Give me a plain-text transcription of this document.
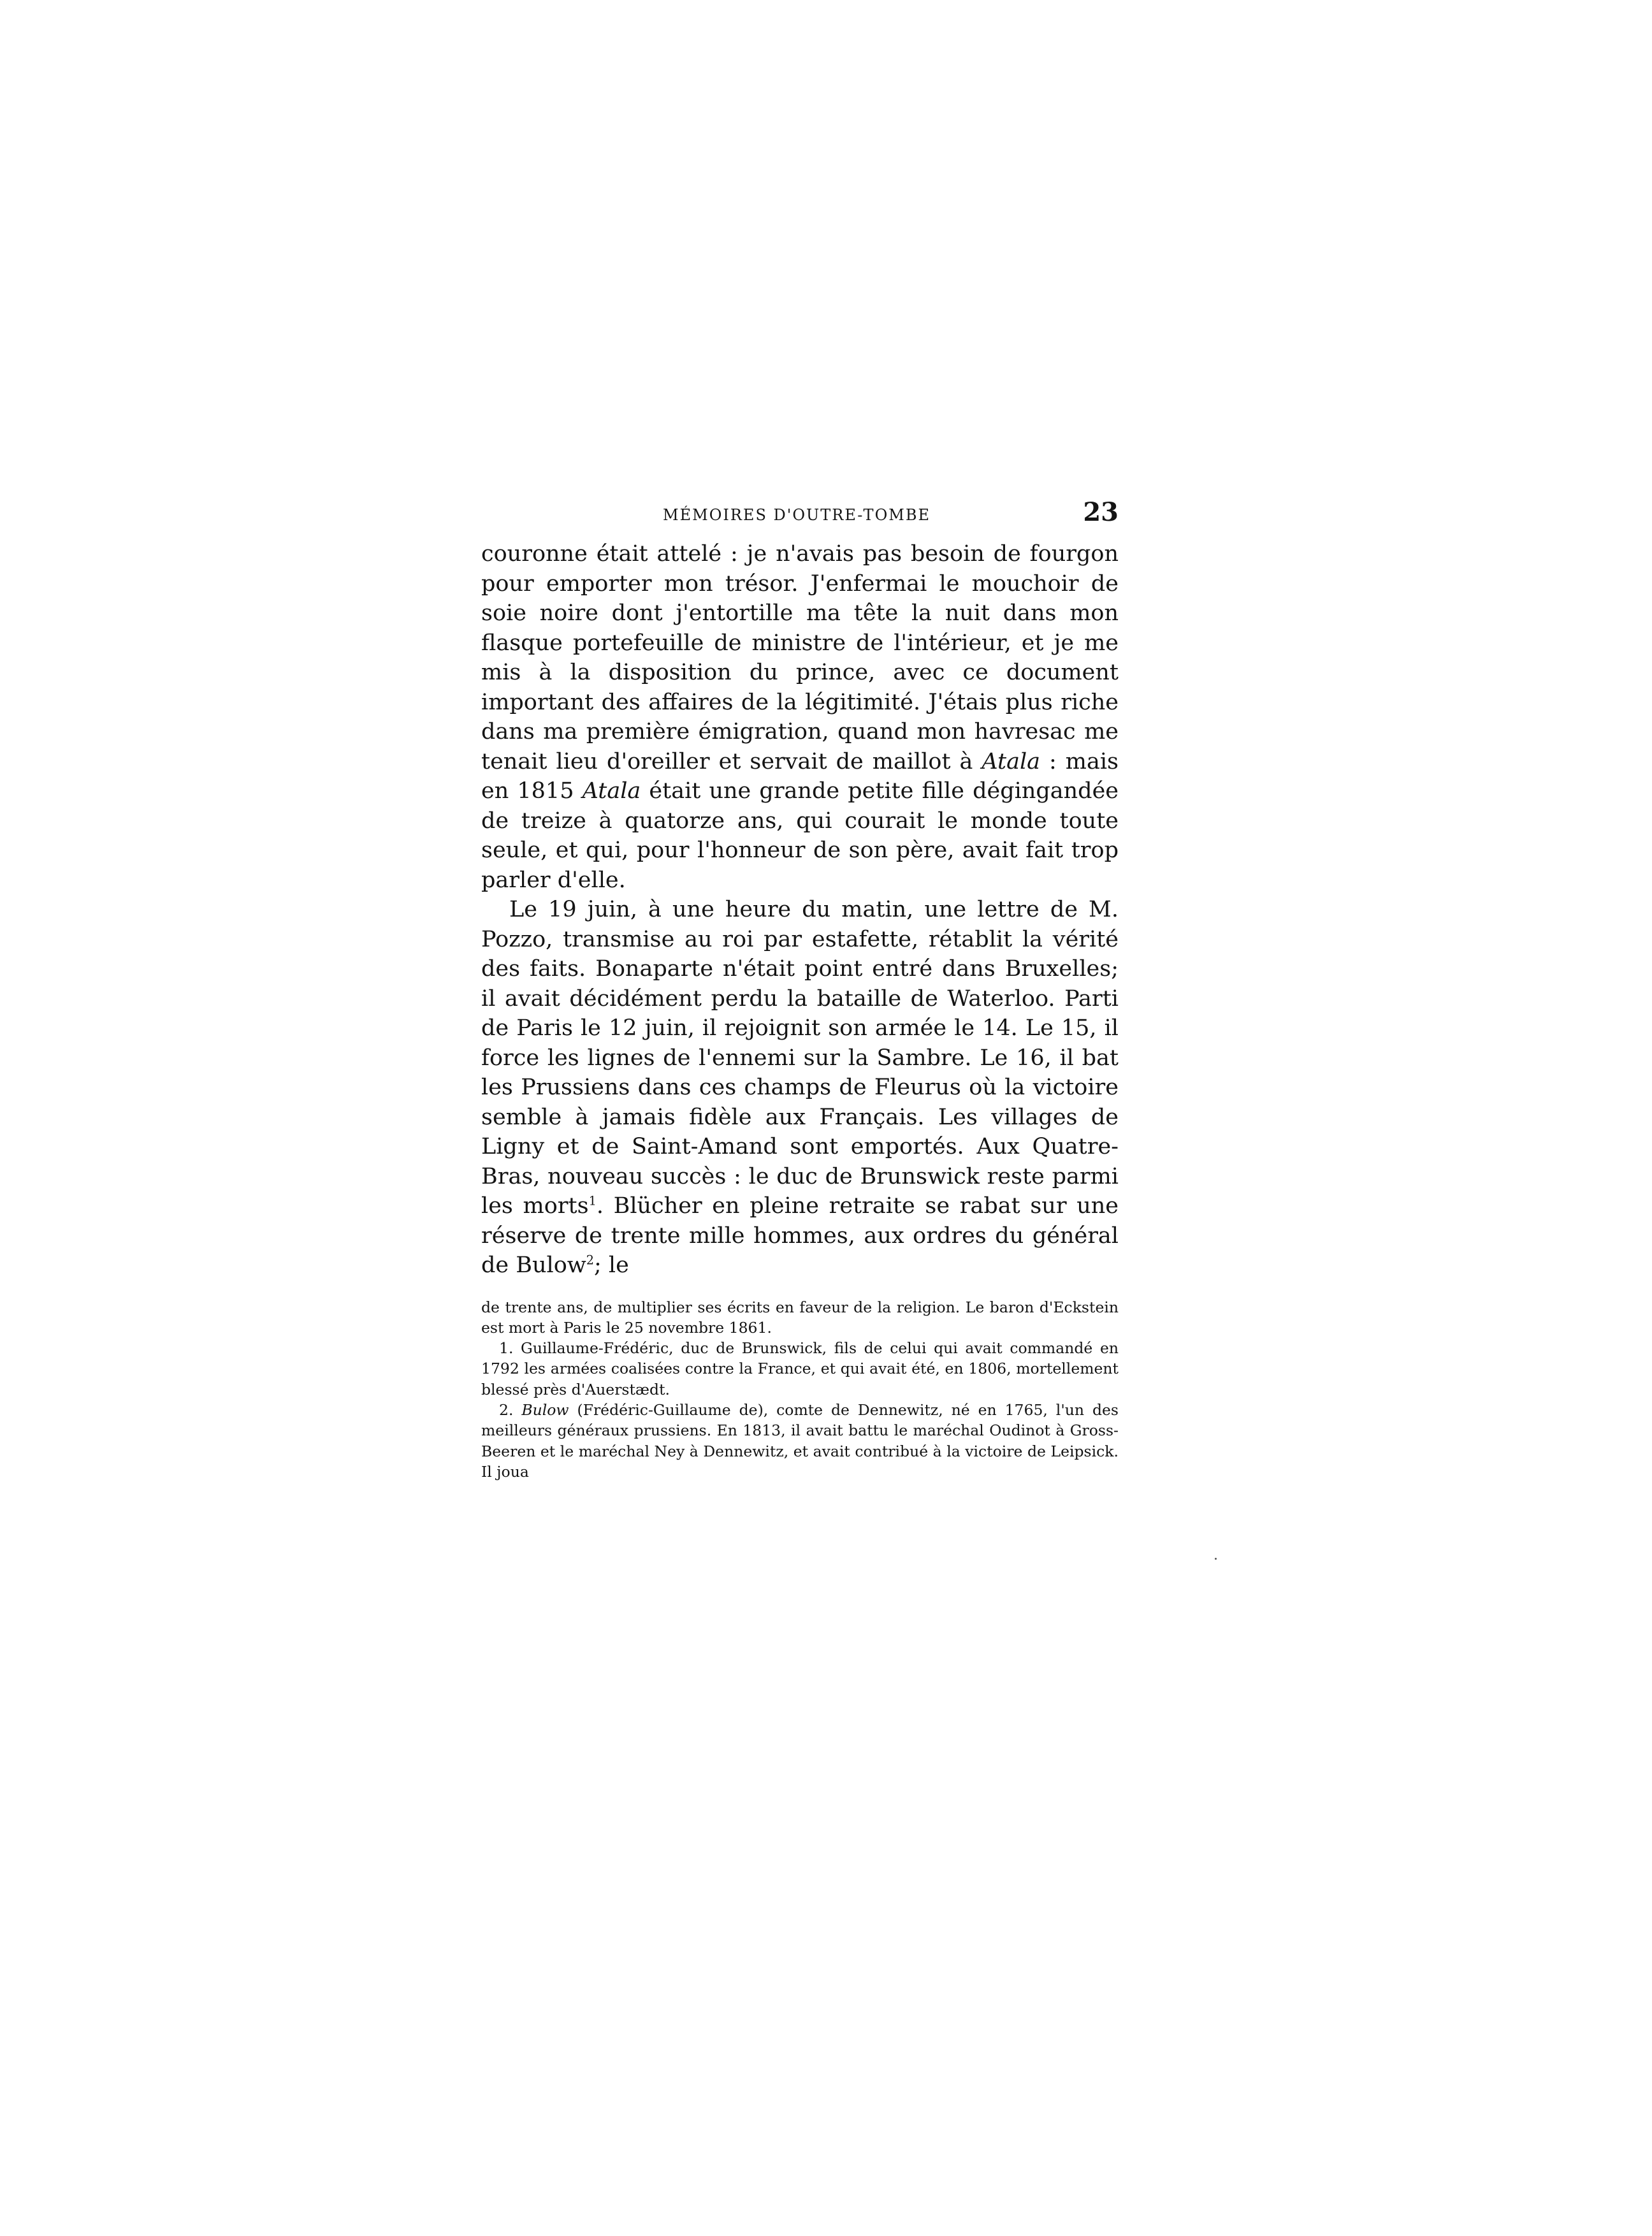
MÉMOIRES D'OUTRE-TOMBE	23

couronne était attelé : je n'avais pas besoin de fourgon pour emporter mon trésor. J'enfermai le mouchoir de soie noire dont j'entortille ma tête la nuit dans mon flasque portefeuille de ministre de l'intérieur, et je me mis à la disposition du prince, avec ce document important des affaires de la légitimité. J'étais plus riche dans ma première émigration, quand mon havresac me tenait lieu d'oreiller et servait de maillot à Atala : mais en 1815 Atala était une grande petite fille dégingandée de treize à quatorze ans, qui courait le monde toute seule, et qui, pour l'honneur de son père, avait fait trop parler d'elle.

Le 19 juin, à une heure du matin, une lettre de M. Pozzo, transmise au roi par estafette, rétablit la vérité des faits. Bonaparte n'était point entré dans Bruxelles; il avait décidément perdu la bataille de Waterloo. Parti de Paris le 12 juin, il rejoignit son armée le 14. Le 15, il force les lignes de l'ennemi sur la Sambre. Le 16, il bat les Prussiens dans ces champs de Fleurus où la victoire semble à jamais fidèle aux Français. Les villages de Ligny et de Saint-Amand sont emportés. Aux Quatre-Bras, nouveau succès : le duc de Brunswick reste parmi les morts$^1$. Blücher en pleine retraite se rabat sur une réserve de trente mille hommes, aux ordres du général de Bulow$^2$; le

de trente ans, de multiplier ses écrits en faveur de la religion. Le baron d'Eckstein est mort à Paris le 25 novembre 1861.

1. Guillaume-Frédéric, duc de Brunswick, fils de celui qui avait commandé en 1792 les armées coalisées contre la France, et qui avait été, en 1806, mortellement blessé près d'Auerstædt.

2. Bulow (Frédéric-Guillaume de), comte de Dennewitz, né en 1765, l'un des meilleurs généraux prussiens. En 1813, il avait battu le maréchal Oudinot à Gross-Beeren et le maréchal Ney à Dennewitz, et avait contribué à la victoire de Leipsick. Il joua
